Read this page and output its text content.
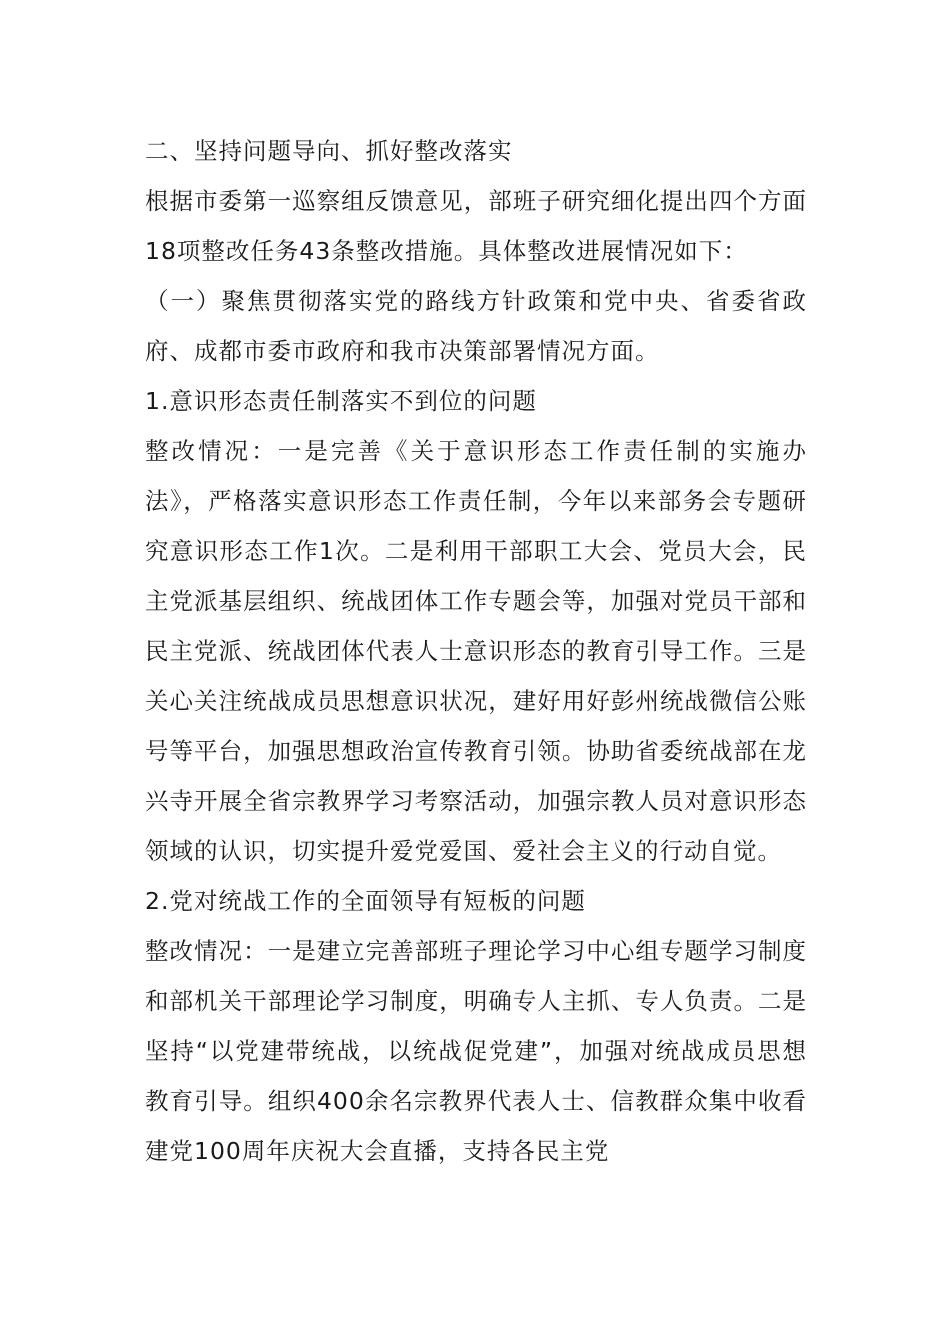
二、坚持问题导向、抓好整改落实

根据市委第一巡察组反馈意见，部班子研究细化提出四个方面18项整改任务43条整改措施。具体整改进展情况如下：

（一）聚焦贯彻落实党的路线方针政策和党中央、省委省政府、成都市委市政府和我市决策部署情况方面。

1.意识形态责任制落实不到位的问题

整改情况：一是完善《关于意识形态工作责任制的实施办法》，严格落实意识形态工作责任制，今年以来部务会专题研究意识形态工作1次。二是利用干部职工大会、党员大会，民主党派基层组织、统战团体工作专题会等，加强对党员干部和民主党派、统战团体代表人士意识形态的教育引导工作。三是关心关注统战成员思想意识状况，建好用好彭州统战微信公账号等平台，加强思想政治宣传教育引领。协助省委统战部在龙兴寺开展全省宗教界学习考察活动，加强宗教人员对意识形态领域的认识，切实提升爱党爱国、爱社会主义的行动自觉。

2.党对统战工作的全面领导有短板的问题

整改情况：一是建立完善部班子理论学习中心组专题学习制度和部机关干部理论学习制度，明确专人主抓、专人负责。二是坚持“以党建带统战，以统战促党建”，加强对统战成员思想教育引导。组织400余名宗教界代表人士、信教群众集中收看建党100周年庆祝大会直播，支持各民主党
